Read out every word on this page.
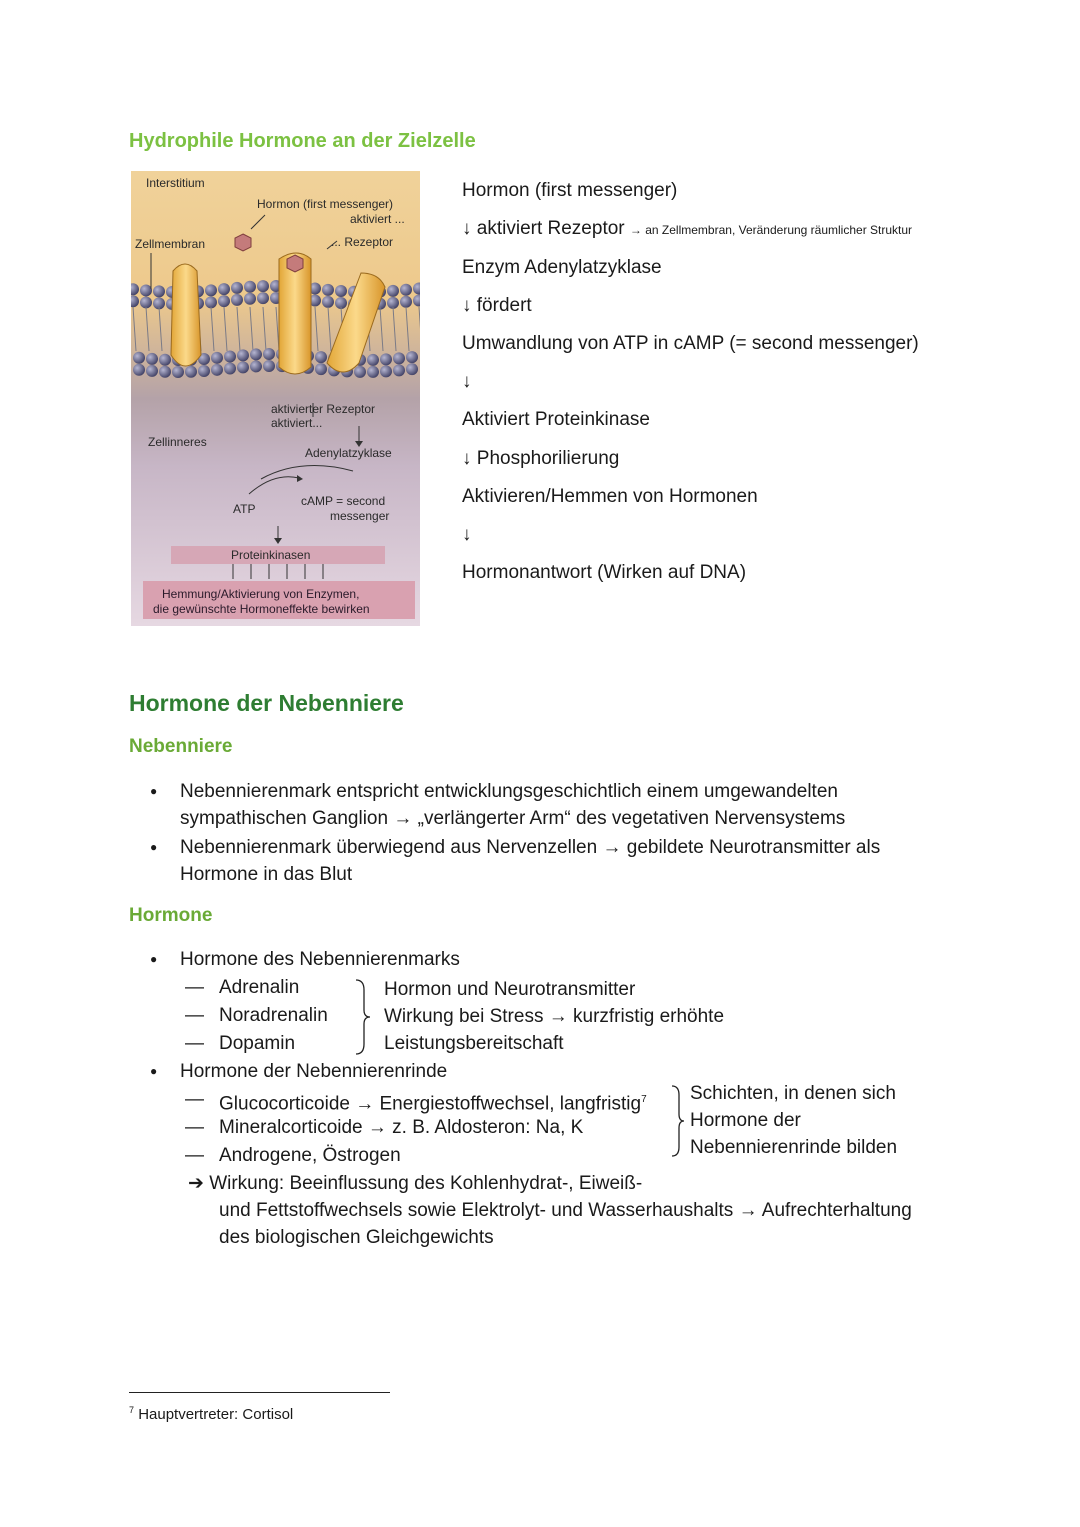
Hydrophile Hormone an der Zielzelle
Interstitium
Zellmembran
Hormon (first messenger)
aktiviert ...
... Rezeptor
Zellinneres
aktivierter Rezeptor
aktiviert...
Adenylatzyklase
ATP
cAMP = second
messenger
Proteinkinasen
Hemmung/Aktivierung von Enzymen,
die gewünschte Hormoneffekte bewirken
Hormon (first messenger)
↓ aktiviert Rezeptor → an Zellmembran, Veränderung räumlicher Struktur
Enzym Adenylatzyklase
↓ fördert
Umwandlung von ATP in cAMP (= second messenger)
↓
Aktiviert Proteinkinase
↓ Phosphorilierung
Aktivieren/Hemmen von Hormonen
↓
Hormonantwort (Wirken auf DNA)
Hormone der Nebenniere
Nebenniere
● Nebennierenmark entspricht entwicklungsgeschichtlich einem umgewandelten
sympathischen Ganglion → „verlängerter Arm“ des vegetativen Nervensystems
● Nebennierenmark überwiegend aus Nervenzellen → gebildete Neurotransmitter als
Hormone in das Blut
Hormone
● Hormone des Nebennierenmarks
— Adrenalin
— Noradrenalin
— Dopamin
Hormon und Neurotransmitter
Wirkung bei Stress → kurzfristig erhöhte
Leistungsbereitschaft
● Hormone der Nebennierenrinde
— Glucocorticoide → Energiestoffwechsel, langfristig$^7$
— Mineralcorticoide → z. B. Aldosteron: Na, K
— Androgene, Östrogen
Schichten, in denen sich
Hormone der
Nebennierenrinde bilden
➔ Wirkung: Beeinflussung des Kohlenhydrat-, Eiweiß-
und Fettstoffwechsels sowie Elektrolyt- und Wasserhaushalts → Aufrechterhaltung
des biologischen Gleichgewichts
$^7$ Hauptvertreter: Cortisol
